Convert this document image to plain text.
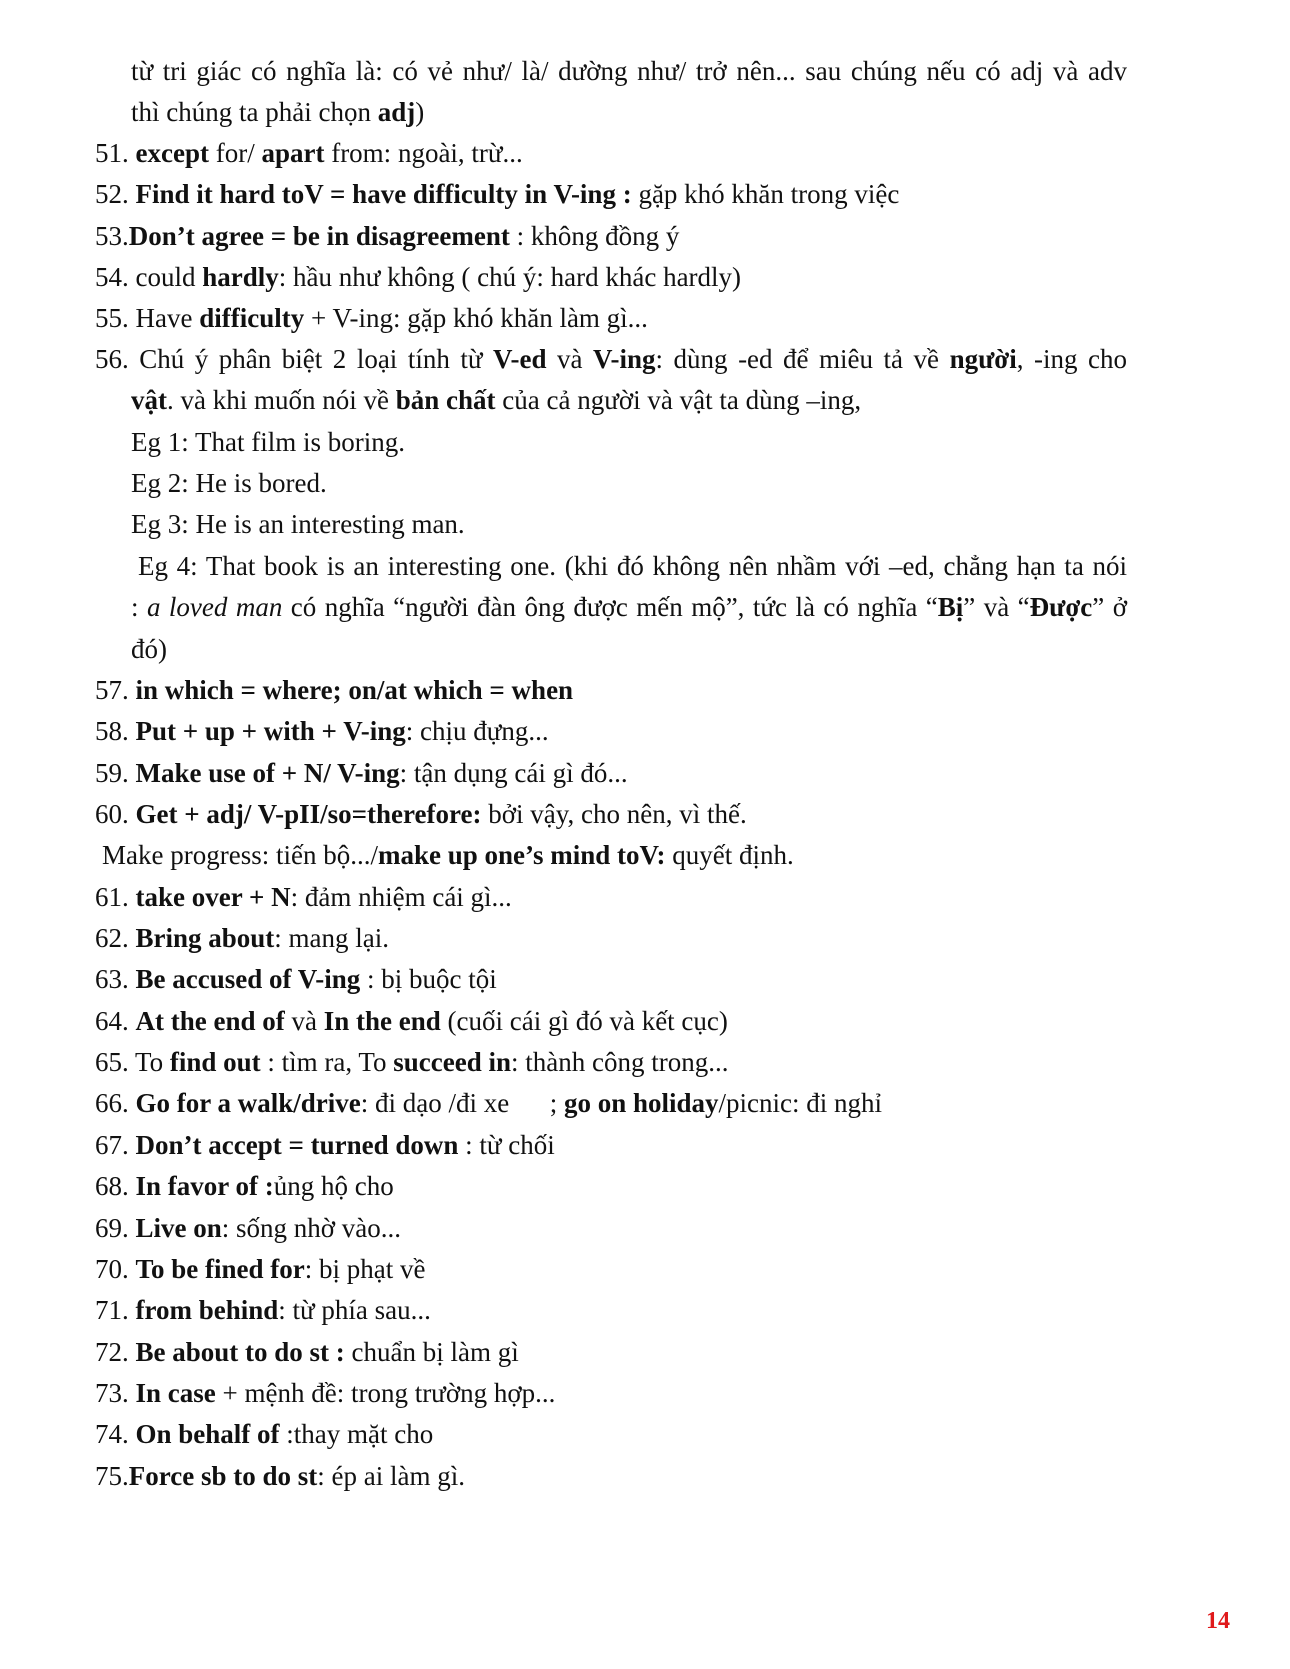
từ tri giác có nghĩa là: có vẻ như/ là/ dường như/ trở nên... sau chúng nếu có adj và adv
thì chúng ta phải chọn adj)
51. except for/ apart from: ngoài, trừ...
52. Find it hard toV = have difficulty in V-ing : gặp khó khăn trong việc
53.Don’t agree = be in disagreement : không đồng ý
54. could hardly: hầu như không ( chú ý: hard khác hardly)
55. Have difficulty + V-ing: gặp khó khăn làm gì...
56. Chú ý phân biệt 2 loại tính từ V-ed và V-ing: dùng -ed để miêu tả về người, -ing cho
vật. và khi muốn nói về bản chất của cả người và vật ta dùng –ing,
Eg 1: That film is boring.
Eg 2: He is bored.
Eg 3: He is an interesting man.
Eg 4: That book is an interesting one. (khi đó không nên nhầm với –ed, chẳng hạn ta nói
: a loved man có nghĩa “người đàn ông được mến mộ”, tức là có nghĩa “Bị” và “Được” ở
đó)
57. in which = where; on/at which = when
58. Put + up + with + V-ing: chịu đựng...
59. Make use of + N/ V-ing: tận dụng cái gì đó...
60. Get + adj/ V-pII/so=therefore: bởi vậy, cho nên, vì thế.
Make progress: tiến bộ.../make up one’s mind toV: quyết định.
61. take over + N: đảm nhiệm cái gì...
62. Bring about: mang lại.
63. Be accused of V-ing : bị buộc tội
64. At the end of và In the end (cuối cái gì đó và kết cục)
65. To find out : tìm ra, To succeed in: thành công trong...
66. Go for a walk/drive: đi dạo /đi xe      ; go on holiday/picnic: đi nghỉ
67. Don’t accept = turned down : từ chối
68. In favor of :ủng hộ cho
69. Live on: sống nhờ vào...
70. To be fined for: bị phạt về
71. from behind: từ phía sau...
72. Be about to do st : chuẩn bị làm gì
73. In case + mệnh đề: trong trường hợp...
74. On behalf of :thay mặt cho
75.Force sb to do st: ép ai làm gì.
14
